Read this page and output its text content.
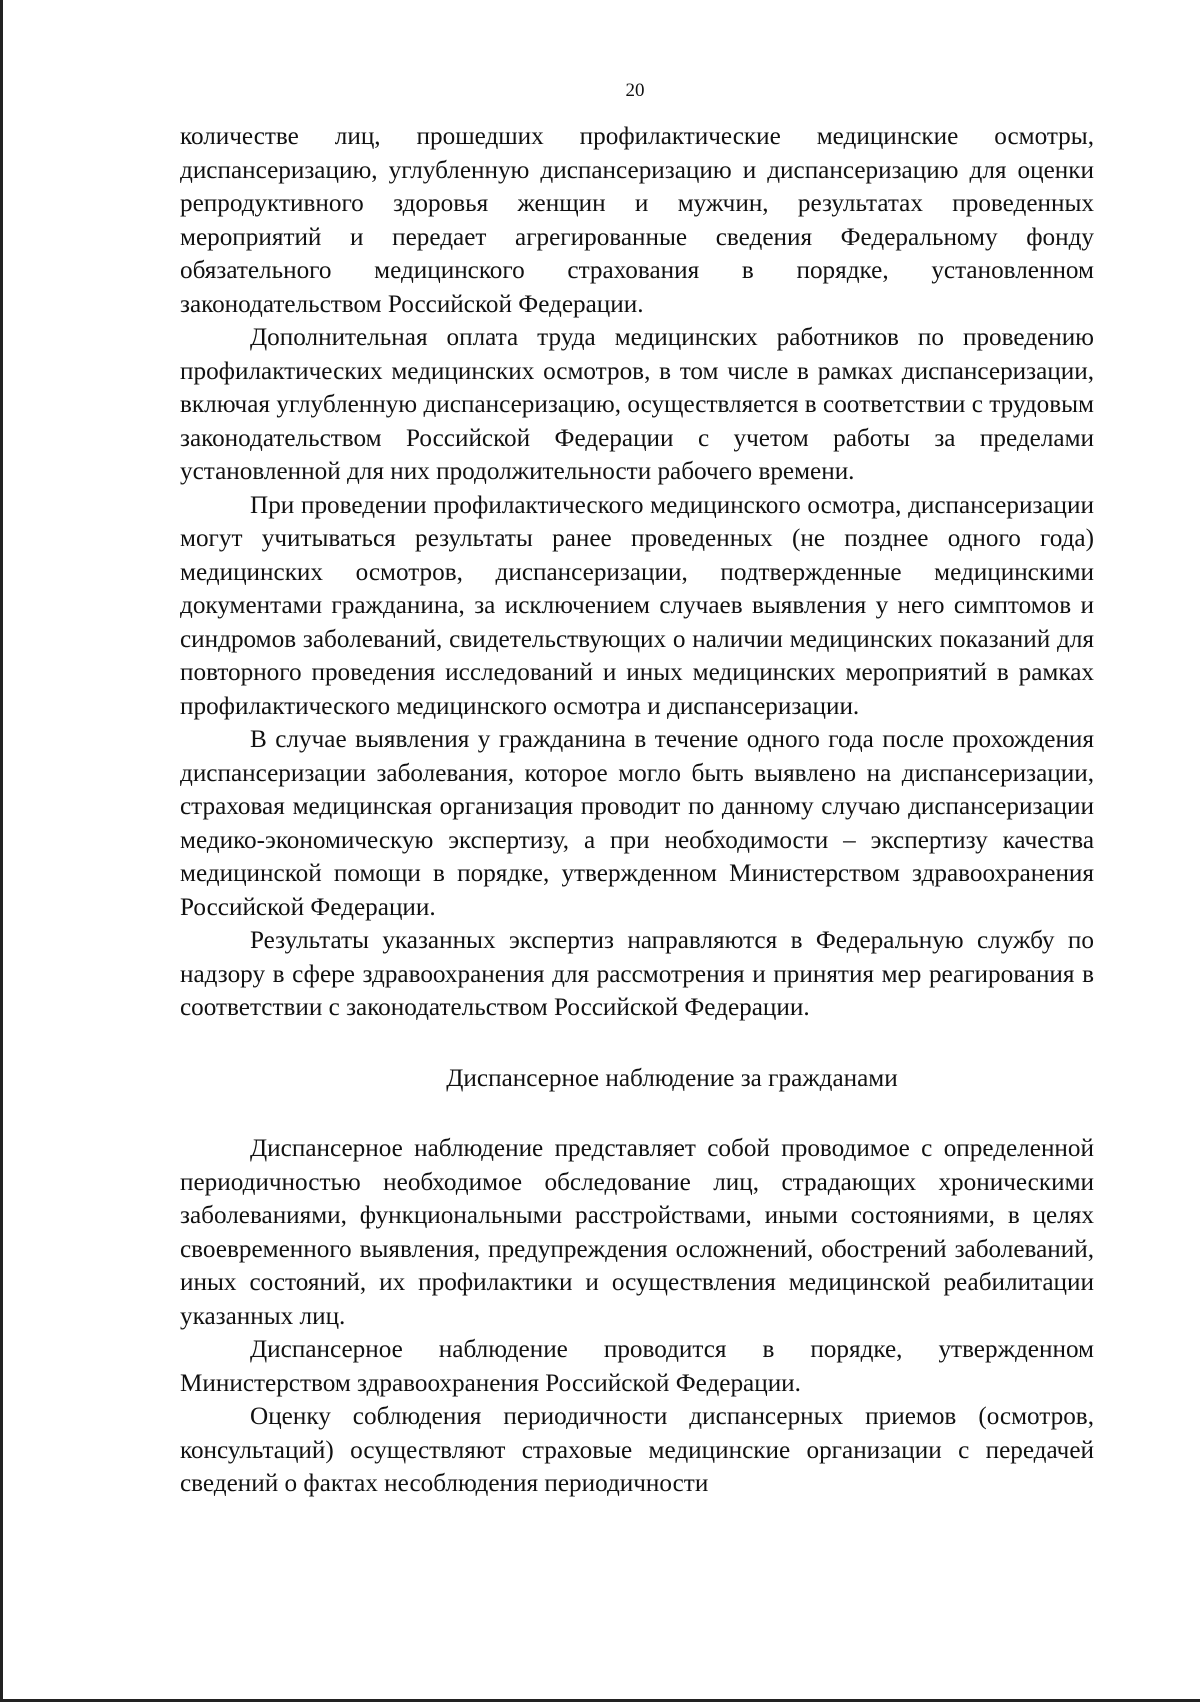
20

количестве лиц, прошедших профилактические медицинские осмотры, диспансеризацию, углубленную диспансеризацию и диспансеризацию для оценки репродуктивного здоровья женщин и мужчин, результатах проведенных мероприятий и передает агрегированные сведения Федеральному фонду обязательного медицинского страхования в порядке, установленном законодательством Российской Федерации.

Дополнительная оплата труда медицинских работников по проведению профилактических медицинских осмотров, в том числе в рамках диспансеризации, включая углубленную диспансеризацию, осуществляется в соответствии с трудовым законодательством Российской Федерации с учетом работы за пределами установленной для них продолжительности рабочего времени.

При проведении профилактического медицинского осмотра, диспансеризации могут учитываться результаты ранее проведенных (не позднее одного года) медицинских осмотров, диспансеризации, подтвержденные медицинскими документами гражданина, за исключением случаев выявления у него симптомов и синдромов заболеваний, свидетельствующих о наличии медицинских показаний для повторного проведения исследований и иных медицинских мероприятий в рамках профилактического медицинского осмотра и диспансеризации.

В случае выявления у гражданина в течение одного года после прохождения диспансеризации заболевания, которое могло быть выявлено на диспансеризации, страховая медицинская организация проводит по данному случаю диспансеризации медико-экономическую экспертизу, а при необходимости – экспертизу качества медицинской помощи в порядке, утвержденном Министерством здравоохранения Российской Федерации.

Результаты указанных экспертиз направляются в Федеральную службу по надзору в сфере здравоохранения для рассмотрения и принятия мер реагирования в соответствии с законодательством Российской Федерации.

Диспансерное наблюдение за гражданами

Диспансерное наблюдение представляет собой проводимое с определенной периодичностью необходимое обследование лиц, страдающих хроническими заболеваниями, функциональными расстройствами, иными состояниями, в целях своевременного выявления, предупреждения осложнений, обострений заболеваний, иных состояний, их профилактики и осуществления медицинской реабилитации указанных лиц.

Диспансерное наблюдение проводится в порядке, утвержденном Министерством здравоохранения Российской Федерации.

Оценку соблюдения периодичности диспансерных приемов (осмотров, консультаций) осуществляют страховые медицинские организации с передачей сведений о фактах несоблюдения периодичности
